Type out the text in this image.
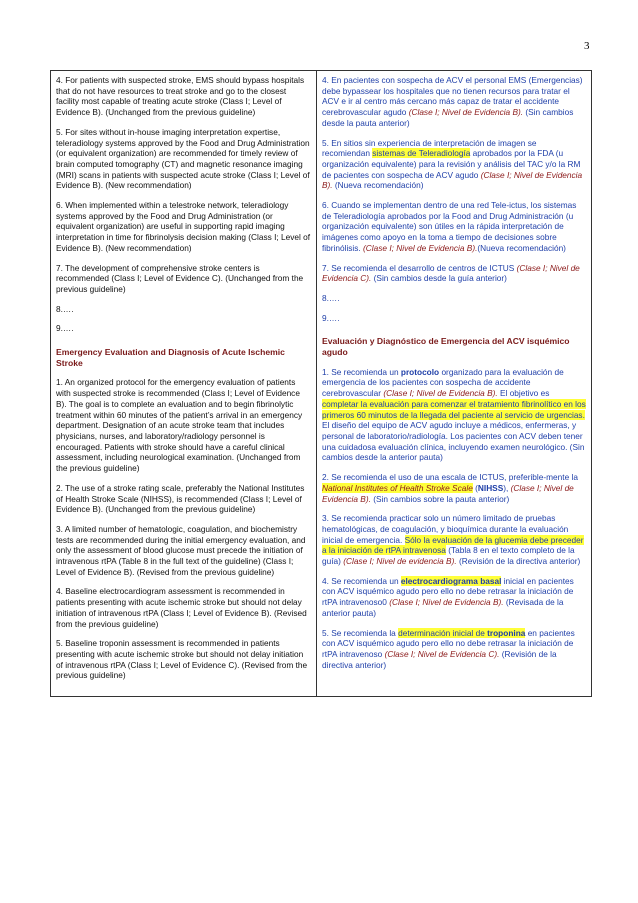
3
4. For patients with suspected stroke, EMS should bypass hospitals that do not have resources to treat stroke and go to the closest facility most capable of treating acute stroke (Class I; Level of Evidence B). (Unchanged from the previous guideline)
5. For sites without in-house imaging interpretation expertise, teleradiology systems approved by the Food and Drug Administration (or equivalent organization) are recommended for timely review of brain computed tomography (CT) and magnetic resonance imaging (MRI) scans in patients with suspected acute stroke (Class I; Level of Evidence B). (New recommendation)
6. When implemented within a telestroke network, teleradiology systems approved by the Food and Drug Administration (or equivalent organization) are useful in supporting rapid imaging interpretation in time for fibrinolysis decision making (Class I; Level of Evidence B). (New recommendation)
7. The development of comprehensive stroke centers is recommended (Class I; Level of Evidence C). (Unchanged from the previous guideline)
8.….
9.….
Emergency Evaluation and Diagnosis of Acute Ischemic Stroke
1. An organized protocol for the emergency evaluation of patients with suspected stroke is recommended (Class I; Level of Evidence B). The goal is to complete an evaluation and to begin fibrinolytic treatment within 60 minutes of the patient’s arrival in an emergency department. Designation of an acute stroke team that includes physicians, nurses, and laboratory/radiology personnel is encouraged. Patients with stroke should have a careful clinical assessment, including neurological examination. (Unchanged from the previous guideline)
2. The use of a stroke rating scale, preferably the National Institutes of Health Stroke Scale (NIHSS), is recommended (Class I; Level of Evidence B). (Unchanged from the previous guideline)
3. A limited number of hematologic, coagulation, and biochemistry tests are recommended during the initial emergency evaluation, and only the assessment of blood glucose must precede the initiation of intravenous rtPA (Table 8 in the full text of the guideline) (Class I; Level of Evidence B). (Revised from the previous guideline)
4. Baseline electrocardiogram assessment is recommended in patients presenting with acute ischemic stroke but should not delay initiation of intravenous rtPA (Class I; Level of Evidence B). (Revised from the previous guideline)
5. Baseline troponin assessment is recommended in patients presenting with acute ischemic stroke but should not delay initiation of intravenous rtPA (Class I; Level of Evidence C). (Revised from the previous guideline)

4. En pacientes con sospecha de ACV el personal EMS (Emergencias) debe bypassear los hospitales que no tienen recursos para tratar el ACV e ir al centro más cercano más capaz de tratar el accidente cerebrovascular agudo (Clase I; Nivel de Evidencia B). (Sin cambios desde la pauta anterior)
5. En sitios sin experiencia de interpretación de imagen se recomiendan sistemas de Teleradiología aprobados por la FDA (u organización equivalente) para la revisión y análisis del TAC y/o la RM de pacientes con sospecha de ACV agudo (Clase I; Nivel de Evidencia B). (Nueva recomendación)
6. Cuando se implementan dentro de una red Tele-ictus, los sistemas de Teleradiología aprobados por la Food and Drug Administración (u organización equivalente) son útiles en la rápida interpretación de imágenes como apoyo en la toma a tiempo de decisiones sobre fibrinólisis. (Clase I; Nivel de Evidencia B).(Nueva recomendación)
7. Se recomienda el desarrollo de centros de ICTUS (Clase I; Nivel de Evidencia C). (Sin cambios desde la guía anterior)
8.….
9.….
Evaluación y Diagnóstico de Emergencia del ACV isquémico agudo
1. Se recomienda un protocolo organizado para la evaluación de emergencia de los pacientes con sospecha de accidente cerebrovascular (Clase I; Nivel de Evidencia B). El objetivo es completar la evaluación para comenzar el tratamiento fibrinolítico en los primeros 60 minutos de la llegada del paciente al servicio de urgencias. El diseño del equipo de ACV agudo incluye a médicos, enfermeras, y personal de laboratorio/radiología. Los pacientes con ACV deben tener una cuidadosa evaluación clínica, incluyendo examen neurológico. (Sin cambios desde la anterior pauta)
2. Se recomienda el uso de una escala de ICTUS, preferible-mente la National Institutes of Health Stroke Scale (NIHSS), (Clase I; Nivel de Evidencia B). (Sin cambios sobre la pauta anterior)
3. Se recomienda practicar solo un número limitado de pruebas hematológicas, de coagulación, y bioquímica durante la evaluación inicial de emergencia. Sólo la evaluación de la glucemia debe preceder a la iniciación de rtPA intravenosa (Tabla 8 en el texto completo de la guía) (Clase I; Nivel de evidencia B). (Revisión de la directiva anterior)
4. Se recomienda un electrocardiograma basal inicial en pacientes con ACV isquémico agudo pero ello no debe retrasar la iniciación de rtPA intravenoso0 (Clase I; Nivel de Evidencia B). (Revisada de la anterior pauta)
5. Se recomienda la determinación inicial de troponina en pacientes con ACV isquémico agudo pero ello no debe retrasar la iniciación de rtPA intravenoso (Clase I; Nivel de Evidencia C). (Revisión de la directiva anterior)
